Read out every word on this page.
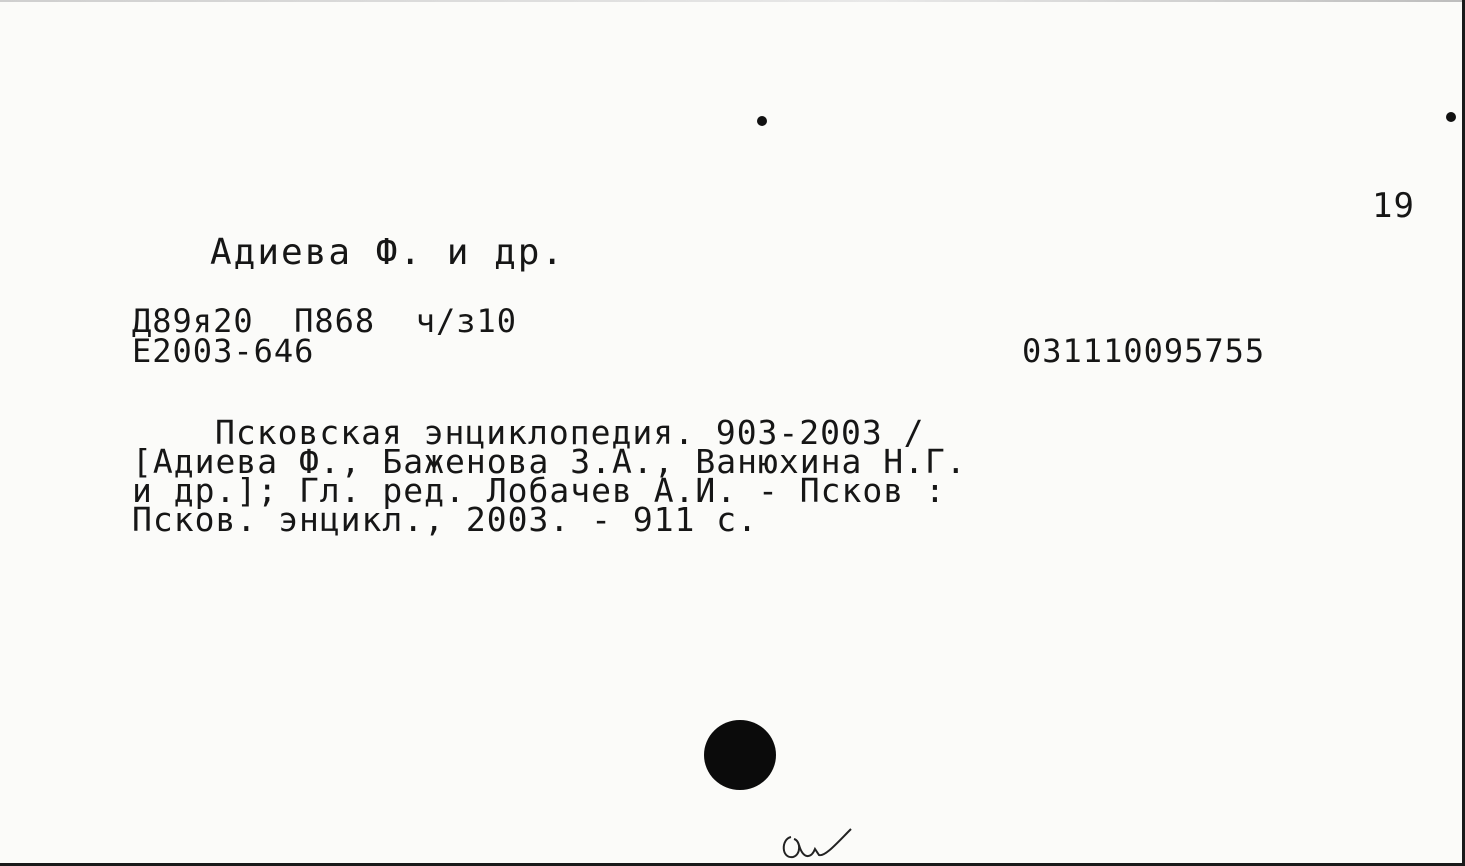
19
Адиева Ф. и др.
Д89я20  П868  ч/з10
Е2003-646	031110095755
Псковская энциклопедия. 903-2003 /
[Адиева Ф., Баженова З.А., Ванюхина Н.Г.
и др.]; Гл. ред. Лобачев А.И. - Псков :
Псков. энцикл., 2003. - 911 с.
